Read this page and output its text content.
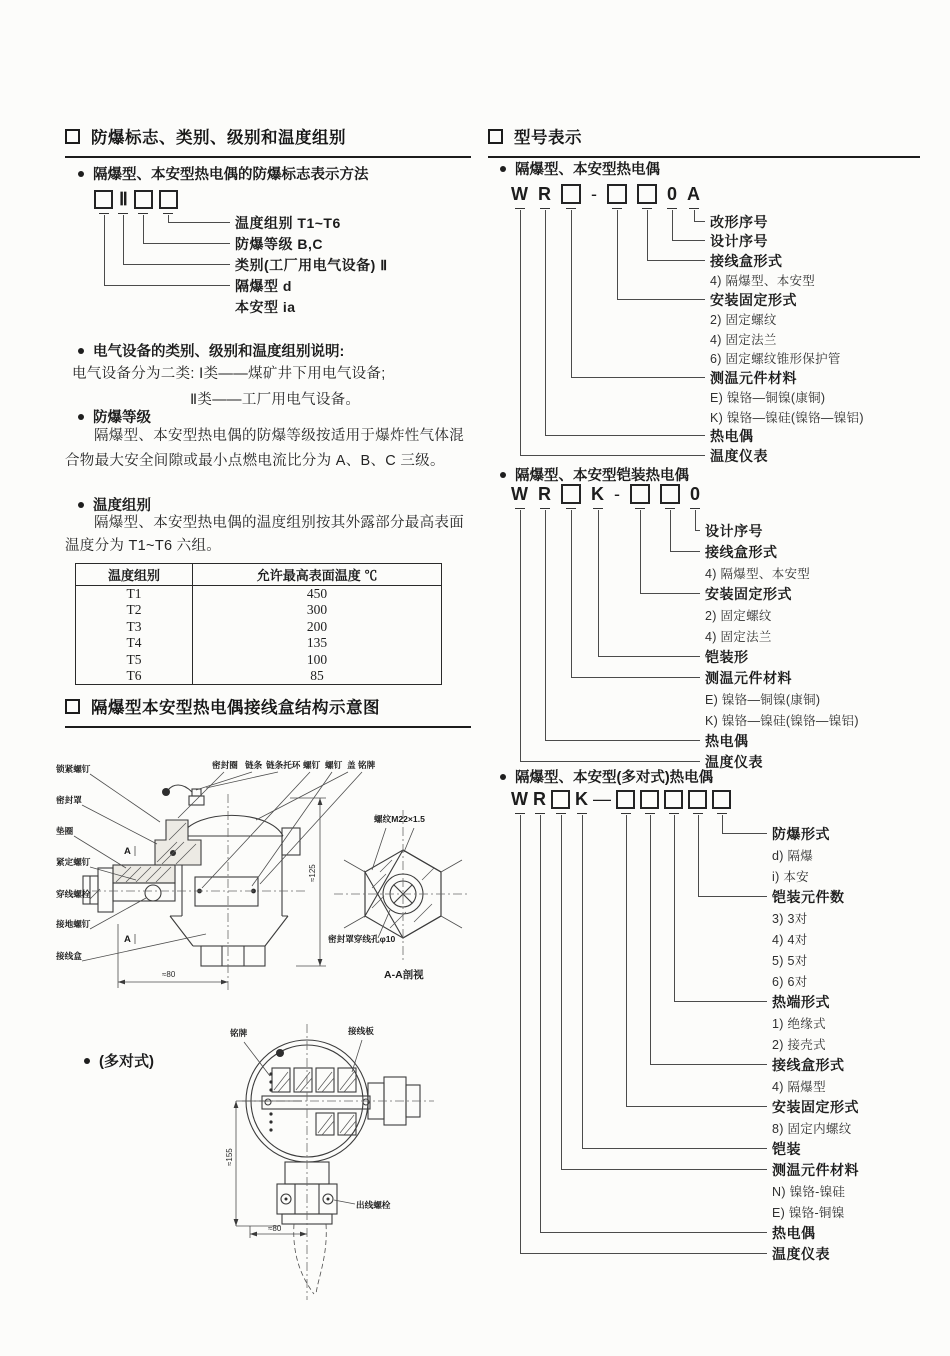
防爆标志、类别、级别和温度组别
隔爆型、本安型热电偶的防爆标志表示方法
Ⅱ
温度组别 T1~T6
防爆等级 B,C
类别(工厂用电气设备) Ⅱ
隔爆型 d
本安型 ia
电气设备的类别、级别和温度组别说明:
电气设备分为二类: Ⅰ类——煤矿井下用电气设备;
Ⅱ类——工厂用电气设备。
防爆等级
隔爆型、本安型热电偶的防爆等级按适用于爆炸性气体混合物最大安全间隙或最小点燃电流比分为 A、B、C 三级。
温度组别
隔爆型、本安型热电偶的温度组别按其外露部分最高表面温度分为 T1~T6 六组。
温度组别	允许最高表面温度 ℃
T1	450
T2	300
T3	200
T4	135
T5	100
T6	85
隔爆型本安型热电偶接线盒结构示意图
密封圈 链条 链条托环 螺钉 螺钉 盖 铭牌
锁紧螺钉
密封罩
垫圈
紧定螺钉
穿线螺栓
接地螺钉
接线盒
A
A
≈80
≈125
螺纹M22×1.5
密封罩穿线孔φ10
A-A剖视
(多对式)
铭牌	接线板
出线螺栓
≈155
≈80
型号表示
隔爆型、本安型热电偶
W R -	0 A
改形序号
设计序号
接线盒形式
4) 隔爆型、本安型
安装固定形式
2) 固定螺纹
4) 固定法兰
6) 固定螺纹锥形保护管
测温元件材料
E) 镍铬—铜镍(康铜)
K) 镍铬—镍硅(镍铬—镍铝)
热电偶
温度仪表
隔爆型、本安型铠装热电偶
W R K -	0
设计序号
接线盒形式
4) 隔爆型、本安型
安装固定形式
2) 固定螺纹
4) 固定法兰
铠装形
测温元件材料
E) 镍铬—铜镍(康铜)
K) 镍铬—镍硅(镍铬—镍铝)
热电偶
温度仪表
隔爆型、本安型(多对式)热电偶
W R K —
防爆形式
d) 隔爆
i) 本安
铠装元件数
3) 3对
4) 4对
5) 5对
6) 6对
热端形式
1) 绝缘式
2) 接壳式
接线盒形式
4) 隔爆型
安装固定形式
8) 固定内螺纹
铠装
测温元件材料
N) 镍铬-镍硅
E) 镍铬-铜镍
热电偶
温度仪表
